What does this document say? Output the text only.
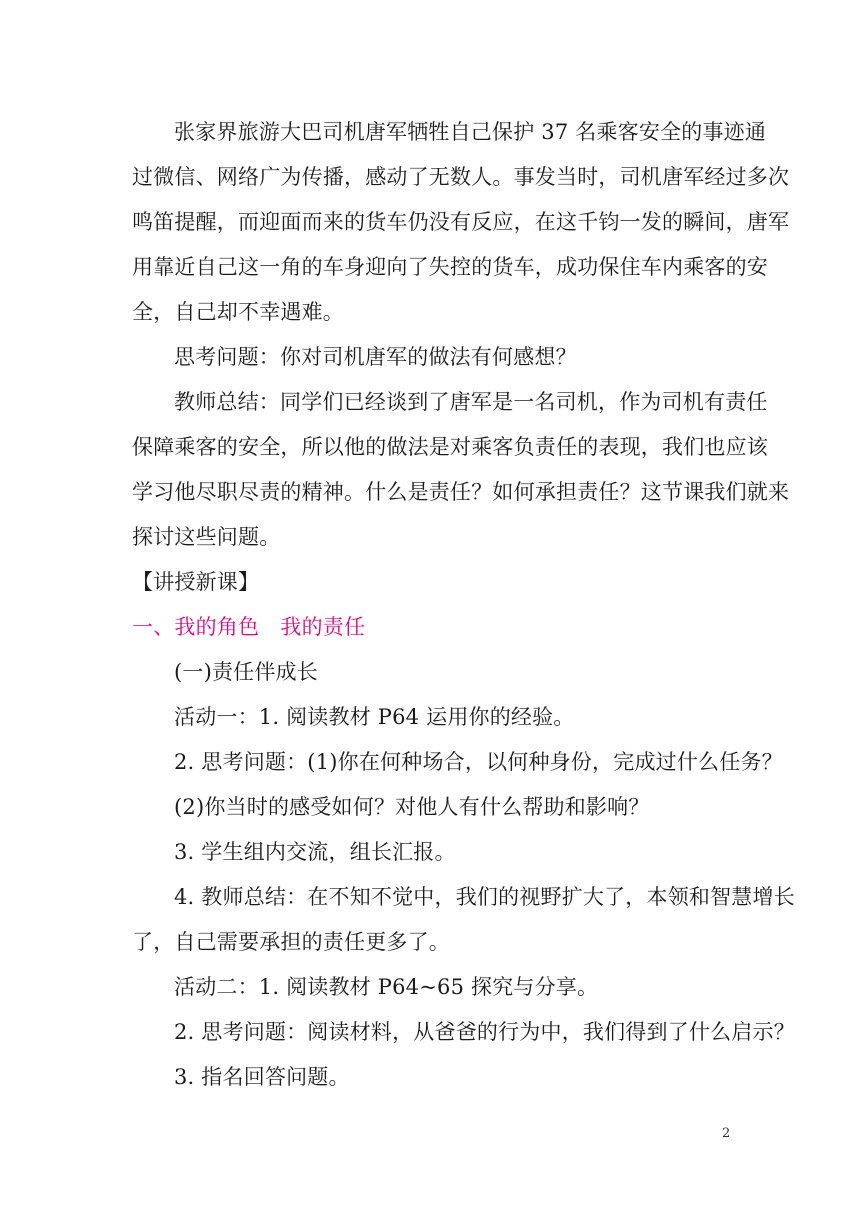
张家界旅游大巴司机唐军牺牲自己保护 37 名乘客安全的事迹通
过微信、网络广为传播，感动了无数人。事发当时，司机唐军经过多次
鸣笛提醒，而迎面而来的货车仍没有反应，在这千钧一发的瞬间，唐军
用靠近自己这一角的车身迎向了失控的货车，成功保住车内乘客的安
全，自己却不幸遇难。
思考问题：你对司机唐军的做法有何感想？
教师总结：同学们已经谈到了唐军是一名司机，作为司机有责任
保障乘客的安全，所以他的做法是对乘客负责任的表现，我们也应该
学习他尽职尽责的精神。什么是责任？如何承担责任？这节课我们就来
探讨这些问题。
【讲授新课】
一、我的角色　我的责任
(一)责任伴成长
活动一：1. 阅读教材 P64 运用你的经验。
2. 思考问题：(1)你在何种场合，以何种身份，完成过什么任务？
(2)你当时的感受如何？对他人有什么帮助和影响？
3. 学生组内交流，组长汇报。
4. 教师总结：在不知不觉中，我们的视野扩大了，本领和智慧增长
了，自己需要承担的责任更多了。
活动二：1. 阅读教材 P64~65 探究与分享。
2. 思考问题：阅读材料，从爸爸的行为中，我们得到了什么启示？
3. 指名回答问题。
2
